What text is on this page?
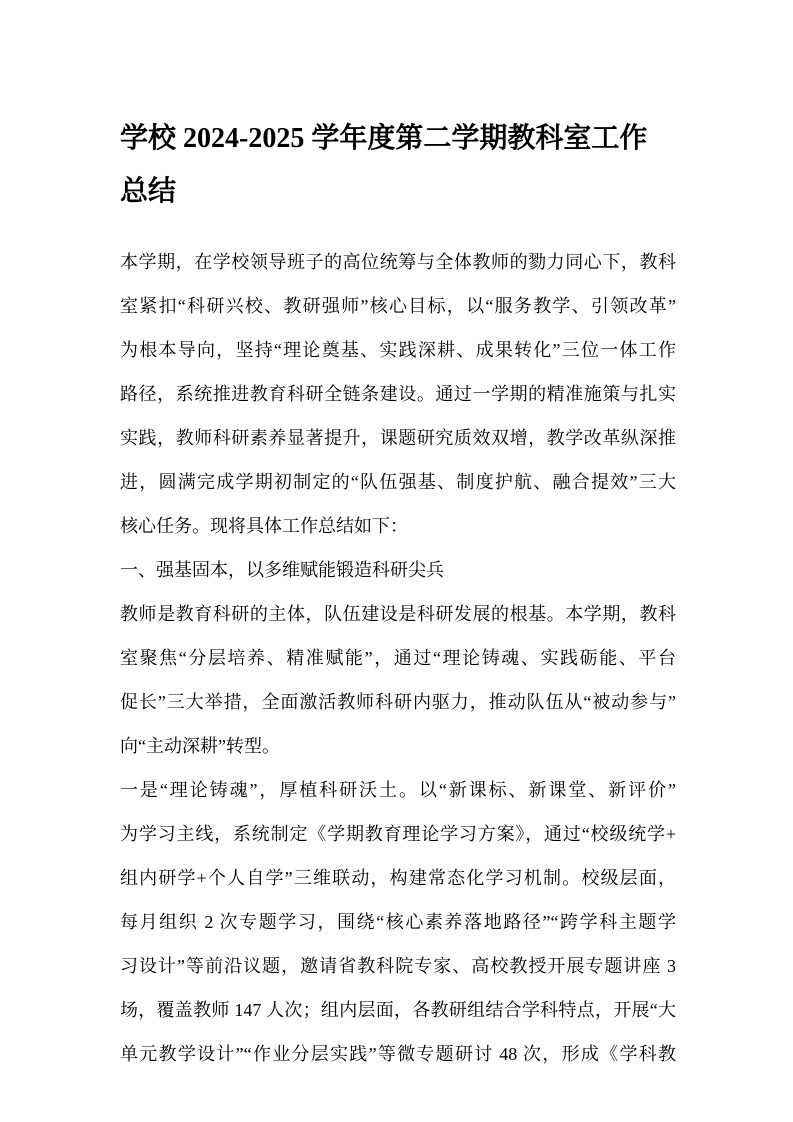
学校 2024-2025 学年度第二学期教科室工作
总结
本学期，在学校领导班子的高位统筹与全体教师的勠力同心下，教科
室紧扣“科研兴校、教研强师”核心目标，以“服务教学、引领改革”
为根本导向，坚持“理论奠基、实践深耕、成果转化”三位一体工作
路径，系统推进教育科研全链条建设。通过一学期的精准施策与扎实
实践，教师科研素养显著提升，课题研究质效双增，教学改革纵深推
进，圆满完成学期初制定的“队伍强基、制度护航、融合提效”三大
核心任务。现将具体工作总结如下：
一、强基固本，以多维赋能锻造科研尖兵
教师是教育科研的主体，队伍建设是科研发展的根基。本学期，教科
室聚焦“分层培养、精准赋能”，通过“理论铸魂、实践砺能、平台
促长”三大举措，全面激活教师科研内驱力，推动队伍从“被动参与”
向“主动深耕”转型。
一是“理论铸魂”，厚植科研沃土。以“新课标、新课堂、新评价”
为学习主线，系统制定《学期教育理论学习方案》，通过“校级统学+
组内研学+个人自学”三维联动，构建常态化学习机制。校级层面，
每月组织 2 次专题学习，围绕“核心素养落地路径”“跨学科主题学
习设计”等前沿议题，邀请省教科院专家、高校教授开展专题讲座 3
场，覆盖教师 147 人次；组内层面，各教研组结合学科特点，开展“大
单元教学设计”“作业分层实践”等微专题研讨 48 次，形成《学科教
